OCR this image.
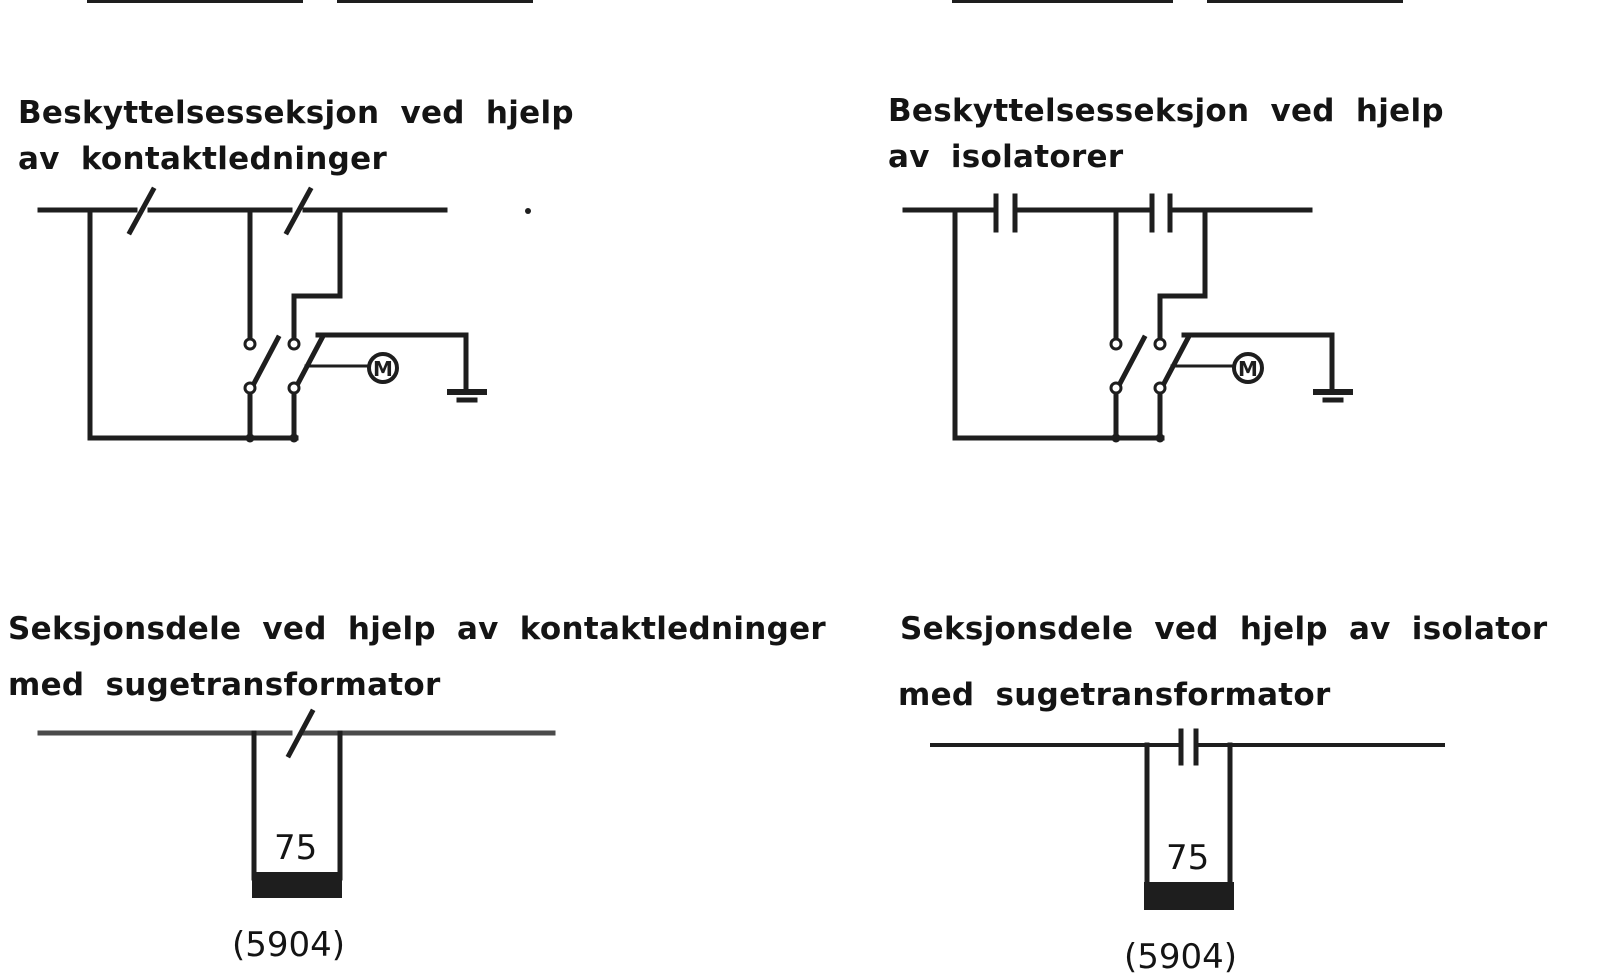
M	M
Beskyttelsesseksjon ved hjelp
av kontaktledninger
Beskyttelsesseksjon ved hjelp
av isolatorer
Seksjonsdele ved hjelp av kontaktledninger
med sugetransformator
Seksjonsdele ved hjelp av isolator
med sugetransformator
75	75
(5904)	(5904)
